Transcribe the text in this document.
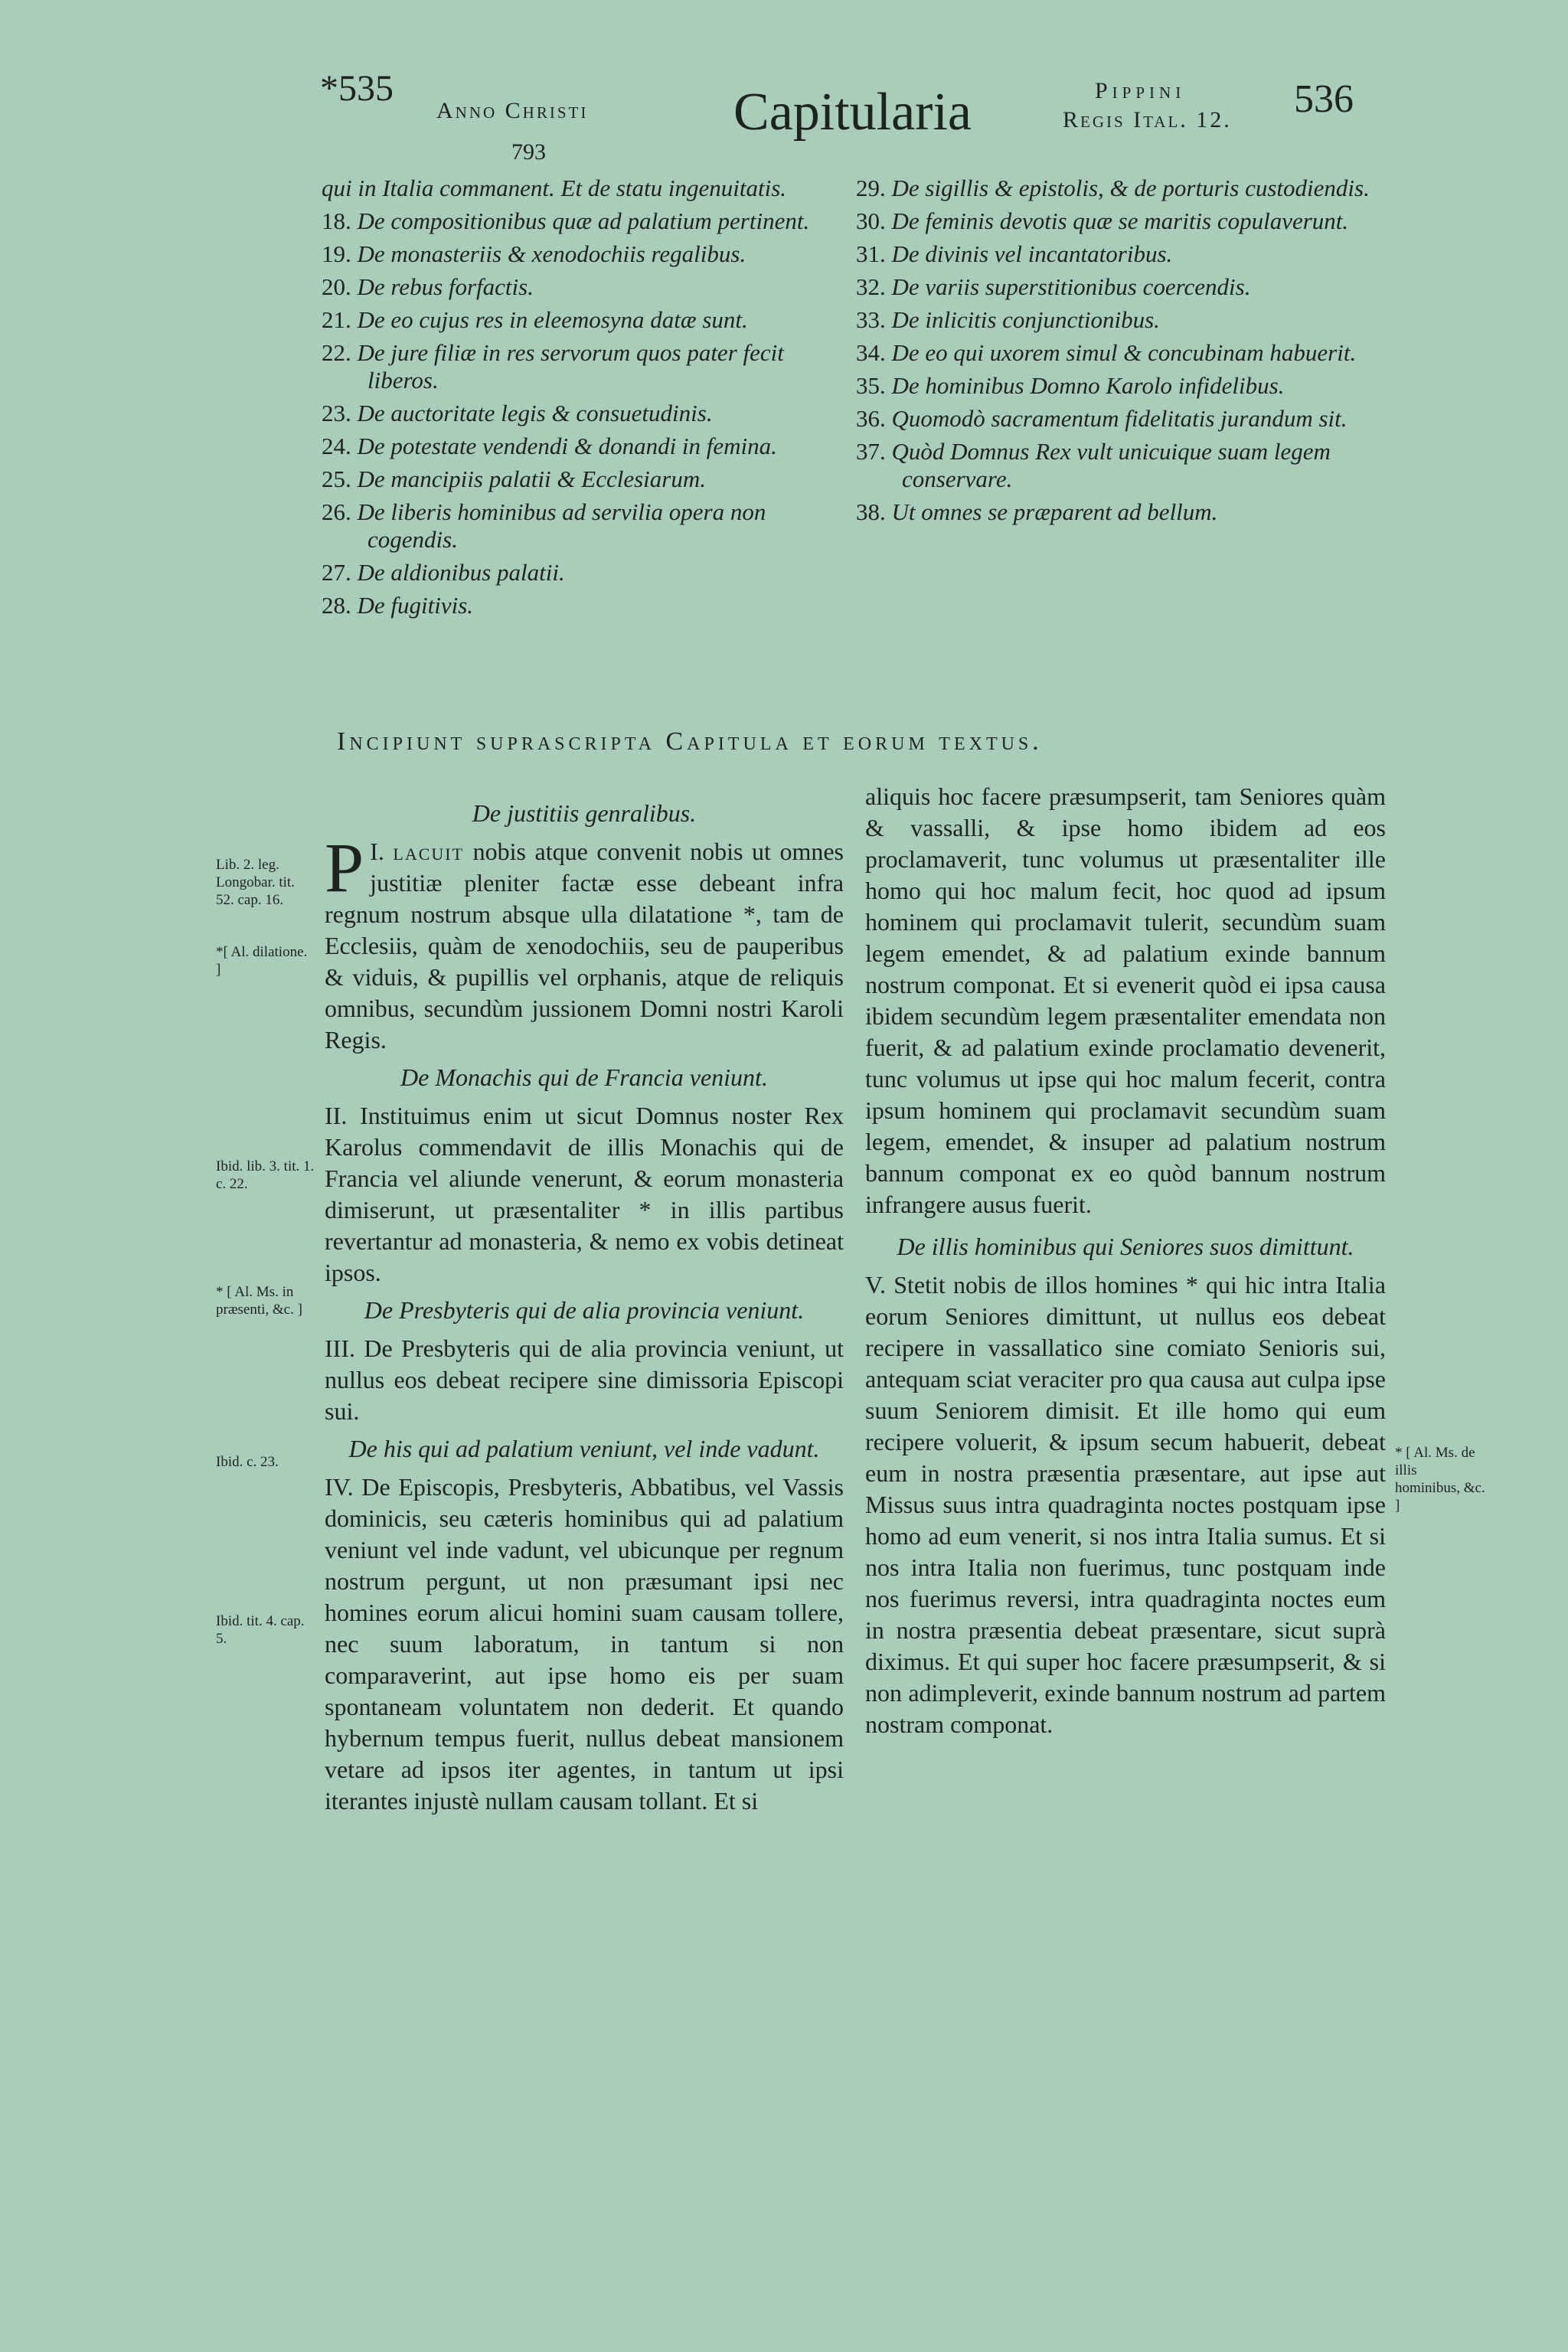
*535
Anno Christi
793
Capitularia	Pippini
Regis Ital. 12. 536
qui in Italia commanent. Et de statu ingenuitatis.
18. De compositionibus quæ ad palatium pertinent.
19. De monasteriis & xenodochiis regalibus.
20. De rebus forfactis.
21. De eo cujus res in eleemosyna datæ sunt.
22. De jure filiæ in res servorum quos pater fecit liberos.
23. De auctoritate legis & consuetudinis.
24. De potestate vendendi & donandi in femina.
25. De mancipiis palatii & Ecclesiarum.
26. De liberis hominibus ad servilia opera non cogendis.
27. De aldionibus palatii.
28. De fugitivis.
29. De sigillis & epistolis, & de porturis custodiendis.
30. De feminis devotis quæ se maritis copulaverunt.
31. De divinis vel incantatoribus.
32. De variis superstitionibus coercendis.
33. De inlicitis conjunctionibus.
34. De eo qui uxorem simul & concubinam habuerit.
35. De hominibus Domno Karolo infidelibus.
36. Quomodò sacramentum fidelitatis jurandum sit.
37. Quòd Domnus Rex vult unicuique suam legem conservare.
38. Ut omnes se præparent ad bellum.
Incipiunt suprascripta Capitula et eorum textus.
Lib. 2. leg. Longobar. tit. 52. cap. 16.
*[ Al. dilatione. ]
Ibid. lib. 3. tit. 1. c. 22.
* [ Al. Ms. in præsenti, &c. ]
Ibid. c. 23.
Ibid. tit. 4. cap. 5.
De justitiis genralibus.

I.
P lacuit nobis atque convenit nobis ut omnes justitiæ pleniter factæ esse debeant infra regnum nostrum absque ulla dilatatione *, tam de Ecclesiis, quàm de xenodochiis, seu de pauperibus & viduis, & pupillis vel orphanis, atque de reliquis omnibus, secundùm jussionem Domni nostri Karoli Regis.

De Monachis qui de Francia veniunt.

II. Instituimus enim ut sicut Domnus noster Rex Karolus commendavit de illis Monachis qui de Francia vel aliunde venerunt, & eorum monasteria dimiserunt, ut præsentaliter * in illis partibus revertantur ad monasteria, & nemo ex vobis detineat ipsos.

De Presbyteris qui de alia provincia veniunt.

III. De Presbyteris qui de alia provincia veniunt, ut nullus eos debeat recipere sine dimissoria Episcopi sui.

De his qui ad palatium veniunt, vel inde vadunt.

IV. De Episcopis, Presbyteris, Abbatibus, vel Vassis dominicis, seu cæteris hominibus qui ad palatium veniunt vel inde vadunt, vel ubicunque per regnum nostrum pergunt, ut non præsumant ipsi nec homines eorum alicui homini suam causam tollere, nec suum laboratum, in tantum si non comparaverint, aut ipse homo eis per suam spontaneam voluntatem non dederit. Et quando hybernum tempus fuerit, nullus debeat mansionem vetare ad ipsos iter agentes, in tantum ut ipsi iterantes injustè nullam causam tollant. Et si

aliquis hoc facere præsumpserit, tam Seniores quàm & vassalli, & ipse homo ibidem ad eos proclamaverit, tunc volumus ut præsentaliter ille homo qui hoc malum fecit, hoc quod ad ipsum hominem qui proclamavit tulerit, secundùm suam legem emendet, & ad palatium exinde bannum nostrum componat. Et si evenerit quòd ei ipsa causa ibidem secundùm legem præsentaliter emendata non fuerit, & ad palatium exinde proclamatio devenerit, tunc volumus ut ipse qui hoc malum fecerit, contra ipsum hominem qui proclamavit secundùm suam legem, emendet, & insuper ad palatium nostrum bannum componat ex eo quòd bannum nostrum infrangere ausus fuerit.

De illis hominibus qui Seniores suos dimittunt.

V. Stetit nobis de illos homines * qui hic intra Italia eorum Seniores dimittunt, ut nullus eos debeat recipere in vassallatico sine comiato Senioris sui, antequam sciat veraciter pro qua causa aut culpa ipse suum Seniorem dimisit. Et ille homo qui eum recipere voluerit, & ipsum secum habuerit, debeat eum in nostra præsentia præsentare, aut ipse aut Missus suus intra quadraginta noctes postquam ipse homo ad eum venerit, si nos intra Italia sumus. Et si nos intra Italia non fuerimus, tunc postquam inde nos fuerimus reversi, intra quadraginta noctes eum in nostra præsentia debeat præsentare, sicut suprà diximus. Et qui super hoc facere præsumpserit, & si non adimpleverit, exinde bannum nostrum ad partem nostram componat.

* [ Al. Ms. de illis hominibus, &c. ]
